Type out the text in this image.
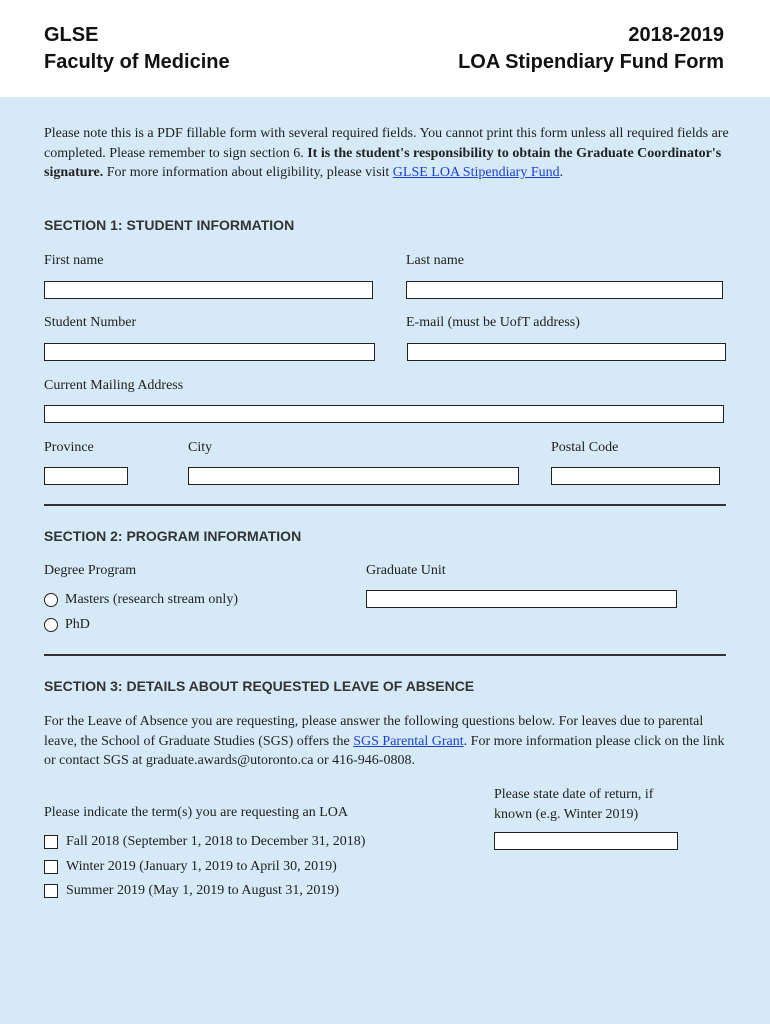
GLSE
Faculty of Medicine
2018-2019
LOA Stipendiary Fund Form
Please note this is a PDF fillable form with several required fields. You cannot print this form unless all required fields are completed. Please remember to sign section 6. It is the student's responsibility to obtain the Graduate Coordinator's signature. For more information about eligibility, please visit GLSE LOA Stipendiary Fund.
SECTION 1: STUDENT INFORMATION
First name	Last name
Student Number	E-mail (must be UofT address)
Current Mailing Address
Province	City	Postal Code
SECTION 2: PROGRAM INFORMATION
Degree Program	Graduate Unit
Masters (research stream only)
PhD
SECTION 3: DETAILS ABOUT REQUESTED LEAVE OF ABSENCE
For the Leave of Absence you are requesting, please answer the following questions below. For leaves due to parental leave, the School of Graduate Studies (SGS) offers the SGS Parental Grant. For more information please click on the link or contact SGS at graduate.awards@utoronto.ca or 416-946-0808.
Please indicate the term(s) you are requesting an LOA
Please state date of return, if known (e.g. Winter 2019)
Fall 2018 (September 1, 2018 to December 31, 2018)
Winter 2019 (January 1, 2019 to April 30, 2019)
Summer 2019 (May 1, 2019 to August 31, 2019)
